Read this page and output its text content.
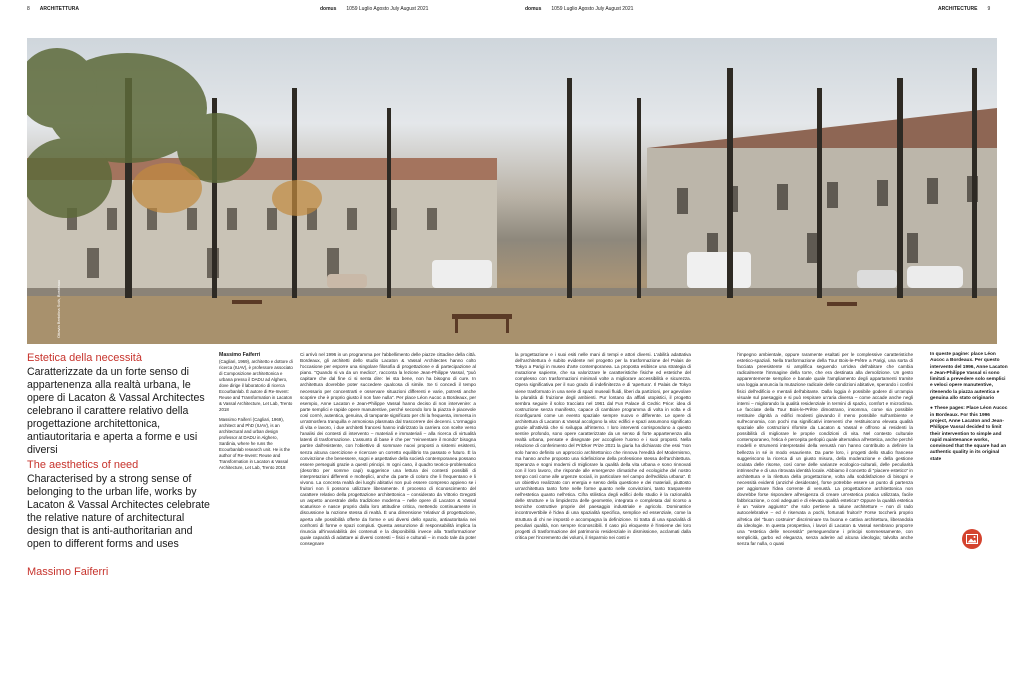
8 ARCHITETTURA	domus 1059 Luglio Agosto July August 2021	domus 1059 Luglio Agosto July August 2021	ARCHITECTURE 9
Ottavia Bertolina Solà, Bordeaux
Estetica della necessità
Caratterizzate da un forte senso di appartenenza alla realtà urbana, le opere di Lacaton & Vassal Architectes celebrano il carattere relativo della progettazione architettonica, antiautoritaria e aperta a forme e usi diversi
The aesthetics of need
Characterised by a strong sense of belonging to the urban life, works by Lacaton & Vassal Architectes celebrate the relative nature of architectural design that is anti-authoritarian and open to different forms and uses
Massimo Faiferri
Massimo Faiferri
(Cagliari, 1969), architetto e dottore di ricerca (IUAV), è professore associato di Composizione architettonica e urbana presso il DADU ad Alghero, dove dirige il laboratorio di ricerca Ecourbanlab. È autore di Re-Invent: Reuse and Transformation in Lacaton & Vassal Architecture, Let Lab, Trento 2018
Massimo Faiferri (Cagliari, 1969), architect and PhD (IUAV), is an architectural and urban design professor at DADU in Alghero, Sardinia, where he runs the Ecourbanlab research unit. He is the author of Re-Invent: Reuse and Transformation in Lacaton & Vassal Architecture, Let Lab, Trento 2018
Ci arrivò nel 1996 in un programma per l'abbellimento delle piazze cittadine della città. Bordeaux, gli architetti dello studio Lacaton & Vassal Architectes hanno colto l'occasione per esporre una singolare filosofia di progettazione e di partecipazione al piano. "Quando si va da un medico", racconta la lezione Jean-Philippe Vassal, "può capitare che dal fine ci si senta dire: lei sta bene, non ha bisogno di cure. In architettura dovrebbe poter succedere qualcosa di simile. Se ti concedi il tempo necessario per concentrarti e osservare situazioni differenti e varie, potresti anche scoprire che è proprio giusto il non fare nulla". Per place Léon Aucoc a Bordeaux, per esempio, Anne Lacaton e Jean-Philippe Vassal hanno deciso di non intervenire: a parte semplici e rapide opere manutentive, perché secondo loro la piazza è piacevole così com'è, autentica, genuina, di tampante significato per chi la frequenta, immersa in un'atmosfera tranquilla e armoniosa plasmata dal trascorrere dei decenni. L'ormaggio di vita e lavoro, i due architetti francesi hanno indirizzato la carriera con scelte verso l'analisi dei contesti di intervento – materiali e immateriali – alla ricerca di virtualità latenti di trasformazione. L'assunto di base è che per "reinventare il mondo" bisogna partire dall'esistente, con l'obiettivo di sommare nuovi proposti a sistemi esistenti, senza alcuna coercizione e ricercare un corretto equilibrio tra passato e futuro. È la convinzione che benessere, sogni e aspettative della società contemporanea possano essere perseguiti grazie a questi principi. In ogni caso, il quadro teorico-problematico (descritto per somme capi) suggerisce una lettura dei contesti possibili di interpretazioni differenti e molteplici, anche da parte di coloro che li frequentano e li vivono. La concreta realtà dei luoghi abitativi non può essere compreso appieno se i fruitori non li possono utilizzare liberamente. Il processo di riconoscimento del carattere relativo della progettazione architettonica – considerato da Vittorio Gregotti un aspetto ancestrale della tradizione moderna – nelle opere di Lacaton & Vassal scaturisce e nasce proprio dalla loro attitudine critica, mettendo continuamente in discussione la nozione stessa di realtà. È una dimensione 'relativa' di progettazione, aperta alle possibilità offerte da forme e usi diversi dello spazio, antiautoritaria nei confronti di forme e spazi compiuti. Questa assunzione di responsabilità implica la rinuncia all'invariabilità dei contenuti e la disponibilità invece alla 'trasformazione' quale capacità di adattare ai diversi contesti – fisici e culturali – in modo tale da poter consegnare
la progettazione e i suoi esiti nelle mani di tempi e attori diversi. L'abilità adattativa dell'architettura è subito evidente nel progetto per la trasformazione del Palais de Tokyo a Parigi in museo d'arte contemporanea. La proposta esibisce una strategia di mutazione sapiente, che sa valorizzare le caratteristiche fisiche ed estetiche del complesso con trasformazioni minimali volte a migliorare accessibilità e sicurezza. Opera significativa per il suo grado di indefinitezza e di 'apertura'. Il Palais de Tokyo viene trasformato in una serie di spazi museali fluidi, liberi da partizioni, per agevolare la pluralità di fruizione degli ambienti. Pur lontano da afflati utopistici, il progetto sembra seguire il solco tracciato nel 1961 dal Fun Palace di Cedric Price: idea di costruzione senza manifesto, capace di cambiare programma di volta in volta e di riconfigurarsi come un evento spaziale sempre nuovo e differente. Le opere di architettura di Lacaton & Vassal accolgono la vita: edifici e spazi assumono significato grazie all'attività che si sviluppa all'interno. I loro interventi corrispondono a questo sentire profondo, sono opere caratterizzate da un senso di forte appartenenza alla realtà urbana, pensate e disegnate per accogliere l'uomo e i suoi proposti. Nella relazione di conferimento del Pritzker Prize 2021 la giuria ha dichiarato che essi "non solo hanno definito un approccio architettonico che rinnova l'eredità del Modernismo, ma hanno anche proposto una ridefinizione della professione stessa dell'architettura. Speranza e sogni moderni di migliorare la qualità della vita urbana e sono rinnovati con il loro lavoro, che risponde alle emergenze climatiche ed ecologiche del nostro tempo così come alle urgenze sociali, in particolare nel campo dell'edilizia urbana". È un obiettivo realizzato con energia e senso della questione e dei materiali, piuttosto un'architettura tanto forte nelle forme quanto nelle convinzioni, tanto trasparente nell'estetica quanto nell'etica. Cifra stilistica degli edifici dello studio è la razionalità delle strutture e la limpidezza delle geometrie, integrata e completata dal ricorso a tecniche costruttive proprie del paesaggio industriale e agricolo. Dominatrice incontrovertibile è l'idea di una spazialità specifica, semplice ed essenziale, come la struttura di chi ne impostò e accompagna la definizione. Si tratta di una spazialità di peculiari qualità, non sempre riconoscibili. Il caso più eloquente è l'insieme dei loro progetti di trasformazione del patrimonio residenziale in dismissione, acclamati dalla critica per l'incremento dei volumi, il risparmio nei costi e
l'impegno ambientale, oppure raramente esaltati per le complessive caratteristiche estetico-spaziali. Nella trasformazione della Tour Bois-le-Prêtre a Parigi, una sorta di facciata preesistente si amplifica seguendo un'idea dell'abitare che cambia radicalmente l'immagine della torre, che era destinata alla demolizione. Un gesto apparentemente semplice e banale quale l'ampliamento degli appartamenti tramite una loggia annuncia la mutazione radicale delle condizioni abitative, sperando i confini fisici dell'edificio e mentali dell'abitante. Dalla loggia è possibile godere di un'ampia visuale sul paesaggio e si può respirare un'aria diversa – come accade anche negli interni – migliorando la qualità residenziale in termini di spazio, comfort e microclima. Le facciate della Tour Bois-le-Prêtre dimostrano, insomma, come sia possibile restituire dignità a edifici modesti giovando il meno possibile sull'ambiente e sull'economia, con pochi ma significativi interventi che restituiscono elevata qualità spaziale alle costruzioni rifornite da Lacaton & Vassal e offrono ai residenti la possibilità di migliorare le proprie condizioni di vita. Nel contesto culturale contemporaneo, l'etica è percepita perlopiù quale alternativa all'estetica, anche perché modelli e strumenti interpretativi della venustà non hanno contribuito a definire la bellezza in sé in modo esauriente. Da parte loro, i progetti dello studio francese suggeriscono la ricerca di un giusto misura, della moderazione e della gestione oculata delle risorse, così come delle varianze ecologico-culturali, delle peculiarità intrinseche e di una ritrovata identità locale. Abbiamo il concetto di "piacere estetico" in architettura e la rilettura della progettazione, volta alla soddisfazione di bisogni e necessità evidenti (anziché desiderate), forse potrebbe essere un punto di partenza per aggiornare l'idea corrente di venustà. La progettazione architettonica non dovrebbe forse rispondere all'esigenza di creare un'estetica pratica utilizzata, facile fabbricazione, o così adeguati e di elevata qualità estetica? Oppure la qualità estetica è un "valore aggiunto" che solo pertiene a talune architetture – non di rado autocelebrative – ed è riservata a pochi, fortunati fruitori? Forse toccherà proprio all'etica del "buon costruire" discriminare tra buona e cattiva architettura, liberandola da ideologie. In questa prospettiva, i lavori di Lacaton & Vassal sembrano proporre una "estetica delle necessità" perseguendone i principi sommessamente, con semplicità, garbo ed eleganza, senza aderire ad alcuna ideologia; talvolta anche senza far nulla, o quasi
In queste pagine: place Léon Aucoc a Bordeaux. Per questo intervento del 1996, Anne Lacaton e Jean-Philippe Vassal si sono limitati a prevedere solo semplici e veloci opere manutentive, ritenendo la piazza autentica e genuina allo stato originario
● These pages: Place Léon Aucoc in Bordeaux. For this 1996 project, Anne Lacaton and Jean-Philippe Vassal decided to limit their intervention to simple and rapid maintenance works, convinced that the square had an authentic quality in its original state
